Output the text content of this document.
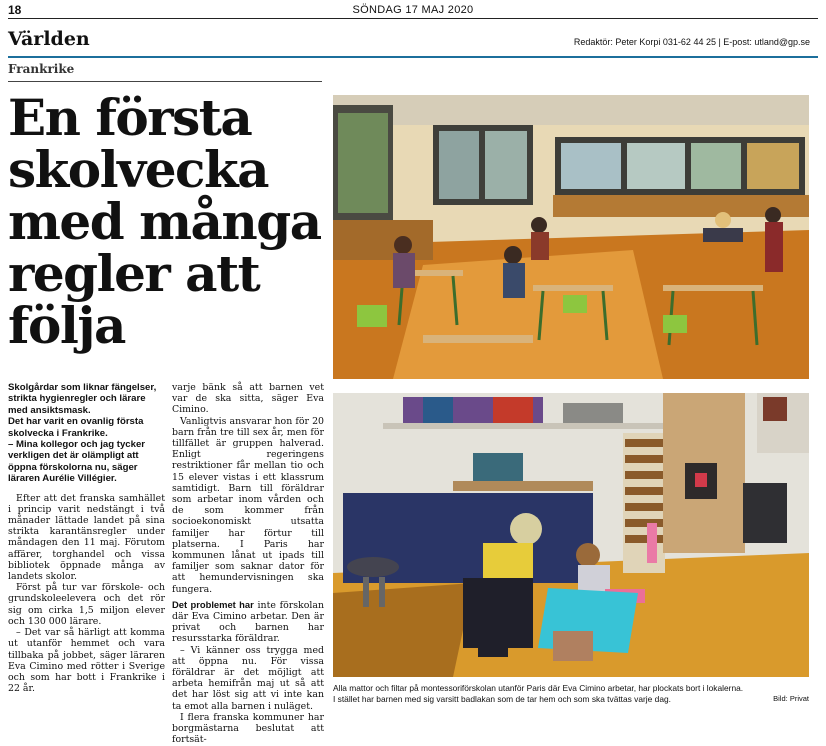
18	SÖNDAG 17 MAJ 2020
Världen	Redaktör: Peter Korpi 031-62 44 25 | E-post: utland@gp.se
Frankrike
En första skolvecka med många regler att följa

Skolgårdar som liknar fängelser, strikta hygienregler och lärare med ansiktsmask.

Det har varit en ovanlig första skolvecka i Frankrike.

– Mina kollegor och jag tycker verkligen det är olämpligt att öppna förskolorna nu, säger läraren Aurélie Villégier.

Efter att det franska samhället i princip varit nedstängt i två månader lättade landet på sina strikta karantänsregler under måndagen den 11 maj. Förutom affärer, torghandel och vissa bibliotek öppnade många av landets skolor.

Först på tur var förskole- och grundskoleelevera och det rör sig om cirka 1,5 miljon elever och 130 000 lärare.

– Det var så härligt att komma ut utanför hemmet och vara tillbaka på jobbet, säger läraren Eva Cimino med rötter i Sverige och som har bott i Frankrike i 22 år.

varje bänk så att barnen vet var de ska sitta, säger Eva Cimino.

Vanligtvis ansvarar hon för 20 barn från tre till sex år, men för tillfället är gruppen halverad. Enligt regeringens restriktioner får mellan tio och 15 elever vistas i ett klassrum samtidigt. Barn till föräldrar som arbetar inom vården och de som kommer från socioekonomiskt utsatta familjer har förtur till platserna. I Paris har kommunen lånat ut ipads till familjer som saknar dator för att hemundervisningen ska fungera.

Det problemet har inte förskolan där Eva Cimino arbetar. Den är privat och barnen har resursstarka föräldrar.

– Vi känner oss trygga med att öppna nu. För vissa föräldrar är det möjligt att arbeta hemifrån maj ut så att det har löst sig att vi inte kan ta emot alla barnen i nuläget.

I flera franska kommuner har borgmästarna beslutat att fortsät-

Alla mattor och filtar på montessoriförskolan utanför Paris där Eva Cimino arbetar, har plockats bort i lokalerna.
I stället har barnen med sig varsitt badlakan som de tar hem och som ska tvättas varje dag.	Bild: Privat
